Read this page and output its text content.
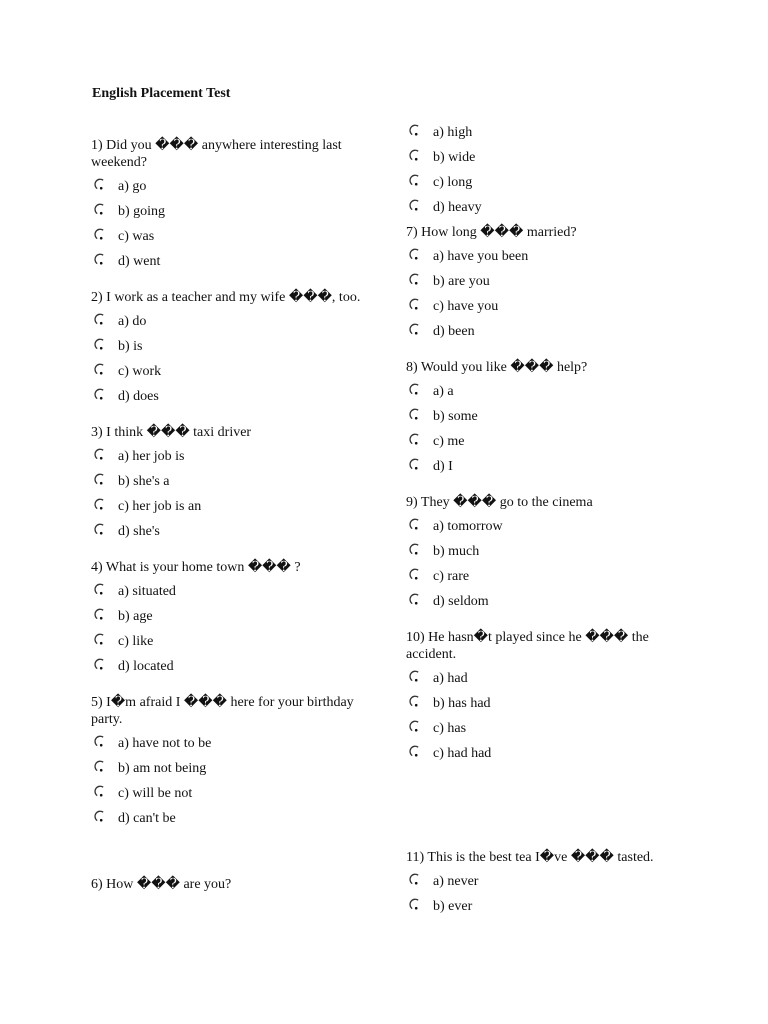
English Placement Test
1) Did you ��� anywhere interesting last weekend?
a) go
b) going
c) was
d) went
2) I work as a teacher and my wife ���, too.
a) do
b) is
c) work
d) does
3) I think ��� taxi driver
a) her job is
b) she's a
c) her job is an
d) she's
4) What is your home town ��� ?
a) situated
b) age
c) like
d) located
5) I�m afraid I ��� here for your birthday party.
a) have not to be
b) am not being
c) will be not
d) can't be
6) How ��� are you?
a) high
b) wide
c) long
d) heavy
7) How long ��� married?
a) have you been
b) are you
c) have you
d) been
8) Would you like ��� help?
a) a
b) some
c) me
d) I
9) They ��� go to the cinema
a) tomorrow
b) much
c) rare
d) seldom
10) He hasn�t played since he ��� the accident.
a) had
b) has had
c) has
c) had had
11) This is the best tea I�ve ��� tasted.
a) never
b) ever
